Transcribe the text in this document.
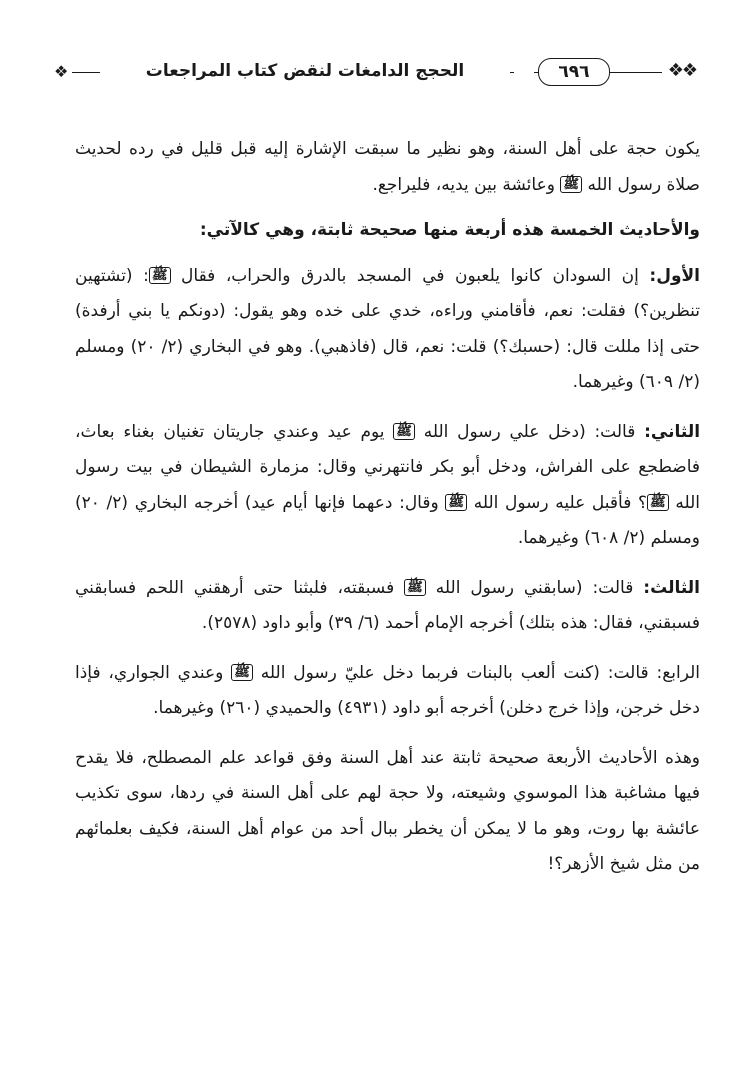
❖	الحجج الدامغات لنقض كتاب المراجعات	٦٩٦	❖❖

يكون حجة على أهل السنة، وهو نظير ما سبقت الإشارة إليه قبل قليل في رده لحديث صلاة رسول الله ﷺ وعائشة بين يديه، فليراجع.

والأحاديث الخمسة هذه أربعة منها صحيحة ثابتة، وهي كالآتي:

الأول: إن السودان كانوا يلعبون في المسجد بالدرق والحراب، فقال ﷺ: (تشتهين تنظرين؟) فقلت: نعم، فأقامني وراءه، خدي على خده وهو يقول: (دونكم يا بني أرفدة) حتى إذا مللت قال: (حسبك؟) قلت: نعم، قال (فاذهبي). وهو في البخاري (٢/ ٢٠) ومسلم (٢/ ٦٠٩) وغيرهما.

الثاني: قالت: (دخل علي رسول الله ﷺ يوم عيد وعندي جاريتان تغنيان بغناء بعاث، فاضطجع على الفراش، ودخل أبو بكر فانتهرني وقال: مزمارة الشيطان في بيت رسول الله ﷺ؟ فأقبل عليه رسول الله ﷺ وقال: دعهما فإنها أيام عيد) أخرجه البخاري (٢/ ٢٠) ومسلم (٢/ ٦٠٨) وغيرهما.

الثالث: قالت: (سابقني رسول الله ﷺ فسبقته، فلبثنا حتى أرهقني اللحم فسابقني فسبقني، فقال: هذه بتلك) أخرجه الإمام أحمد (٦/ ٣٩) وأبو داود (٢٥٧٨).

الرابع: قالت: (كنت ألعب بالبنات فربما دخل عليّ رسول الله ﷺ وعندي الجواري، فإذا دخل خرجن، وإذا خرج دخلن) أخرجه أبو داود (٤٩٣١) والحميدي (٢٦٠) وغيرهما.

وهذه الأحاديث الأربعة صحيحة ثابتة عند أهل السنة وفق قواعد علم المصطلح، فلا يقدح فيها مشاغبة هذا الموسوي وشيعته، ولا حجة لهم على أهل السنة في ردها، سوى تكذيب عائشة بها روت، وهو ما لا يمكن أن يخطر ببال أحد من عوام أهل السنة، فكيف بعلمائهم من مثل شيخ الأزهر؟!
